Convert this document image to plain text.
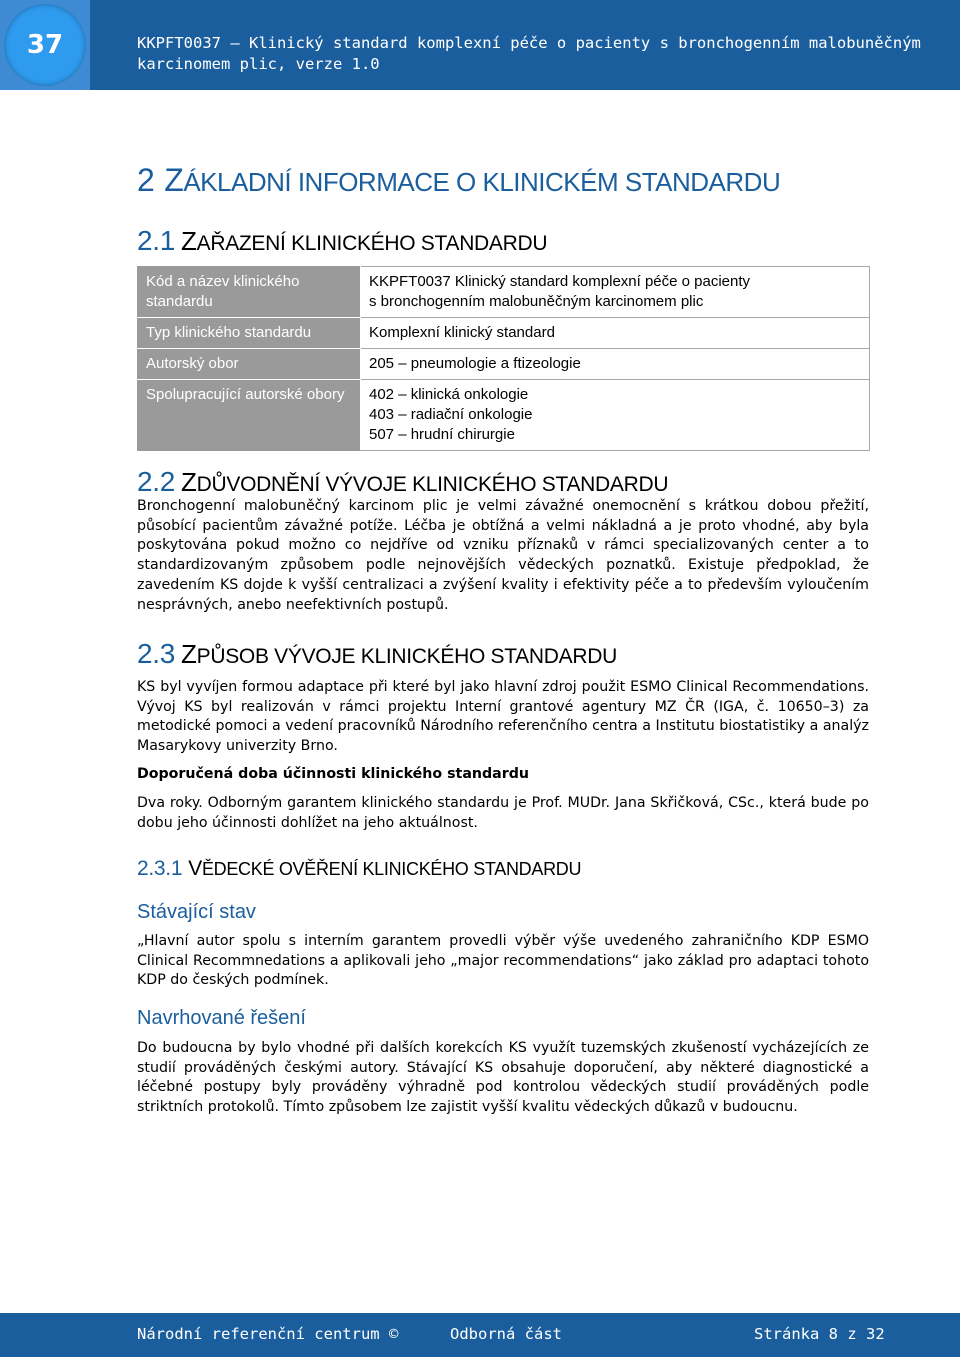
37	KKPFT0037 – Klinický standard komplexní péče o pacienty s bronchogenním malobuněčným
karcinomem plic, verze 1.0
2 ZÁKLADNÍ INFORMACE O KLINICKÉM STANDARDU
2.1 ZAŘAZENÍ KLINICKÉHO STANDARDU
Kód a název klinického standardu	KKPFT0037 Klinický standard komplexní péče o pacienty
s bronchogenním malobuněčným karcinomem plic

Typ klinického standardu	Komplexní klinický standard

Autorský obor	205 – pneumologie a ftizeologie

Spolupracující autorské obory	402 – klinická onkologie
403 – radiační onkologie
507 – hrudní chirurgie
2.2 ZDŮVODNĚNÍ VÝVOJE KLINICKÉHO STANDARDU
Bronchogenní malobuněčný karcinom plic je velmi závažné onemocnění s krátkou dobou přežití, působící pacientům závažné potíže. Léčba je obtížná a velmi nákladná a je proto vhodné, aby byla poskytována pokud možno co nejdříve od vzniku příznaků v rámci specializovaných center a to standardizovaným způsobem podle nejnovějších vědeckých poznatků. Existuje předpoklad, že zavedením KS dojde k vyšší centralizaci a zvýšení kvality i efektivity péče a to především vyloučením nesprávných, anebo neefektivních postupů.
2.3 ZPŮSOB VÝVOJE KLINICKÉHO STANDARDU
KS byl vyvíjen formou adaptace při které byl jako hlavní zdroj použit ESMO Clinical Recommendations. Vývoj KS byl realizován v rámci projektu Interní grantové agentury MZ ČR (IGA, č. 10650–3) za metodické pomoci a vedení pracovníků Národního referenčního centra a Institutu biostatistiky a analýz Masarykovy univerzity Brno.
Doporučená doba účinnosti klinického standardu
Dva roky. Odborným garantem klinického standardu je Prof. MUDr. Jana Skřičková, CSc., která bude po dobu jeho účinnosti dohlížet na jeho aktuálnost.
2.3.1 VĚDECKÉ OVĚŘENÍ KLINICKÉHO STANDARDU
Stávající stav
„Hlavní autor spolu s interním garantem provedli výběr výše uvedeného zahraničního KDP ESMO Clinical Recommnedations a aplikovali jeho „major recommendations“ jako základ pro adaptaci tohoto KDP do českých podmínek.
Navrhované řešení
Do budoucna by bylo vhodné při dalších korekcích KS využít tuzemských zkušeností vycházejících ze studií prováděných českými autory. Stávající KS obsahuje doporučení, aby některé diagnostické a léčebné postupy byly prováděny výhradně pod kontrolou vědeckých studií prováděných podle striktních protokolů. Tímto způsobem lze zajistit vyšší kvalitu vědeckých důkazů v budoucnu.
Národní referenční centrum ©	Odborná část	Stránka 8 z 32
